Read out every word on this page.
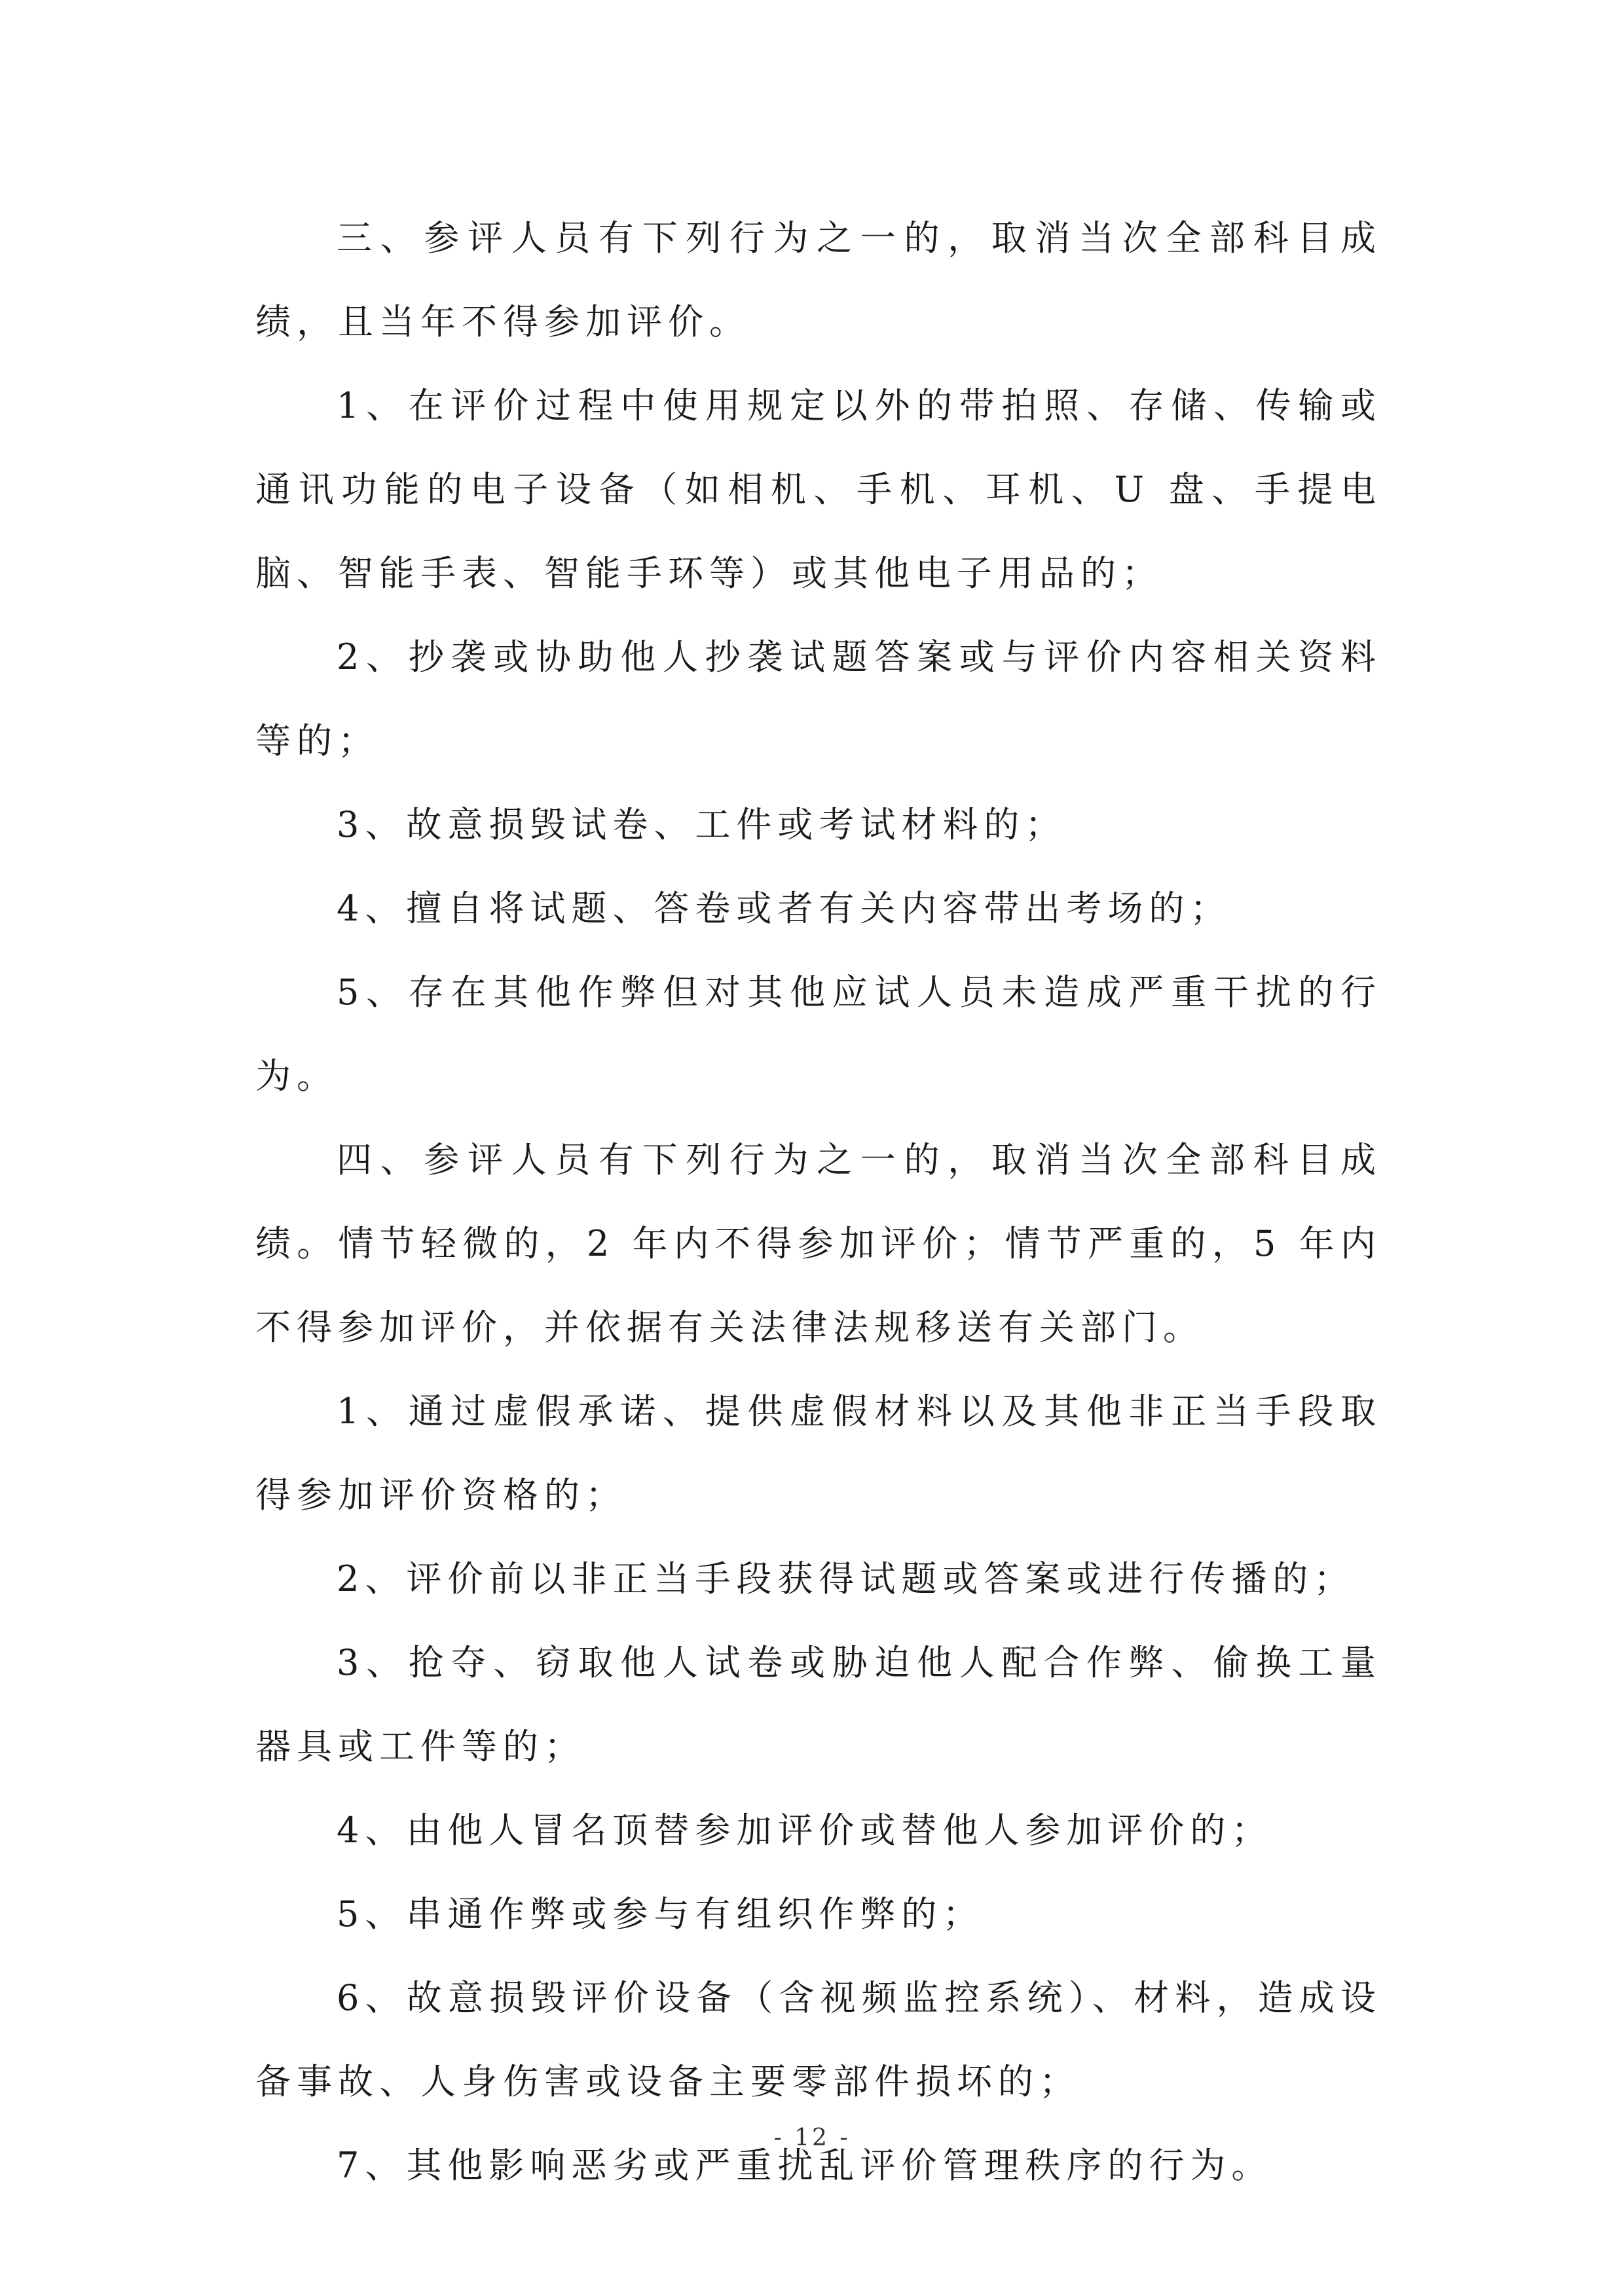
三、参评人员有下列行为之一的，取消当次全部科目成绩，且当年不得参加评价。

1、在评价过程中使用规定以外的带拍照、存储、传输或通讯功能的电子设备（如相机、手机、耳机、U 盘、手提电脑、智能手表、智能手环等）或其他电子用品的；

2、抄袭或协助他人抄袭试题答案或与评价内容相关资料等的；

3、故意损毁试卷、工件或考试材料的；

4、擅自将试题、答卷或者有关内容带出考场的；

5、存在其他作弊但对其他应试人员未造成严重干扰的行为。

四、参评人员有下列行为之一的，取消当次全部科目成绩。情节轻微的，2 年内不得参加评价；情节严重的，5 年内不得参加评价，并依据有关法律法规移送有关部门。

1、通过虚假承诺、提供虚假材料以及其他非正当手段取得参加评价资格的；

2、评价前以非正当手段获得试题或答案或进行传播的；

3、抢夺、窃取他人试卷或胁迫他人配合作弊、偷换工量器具或工件等的；

4、由他人冒名顶替参加评价或替他人参加评价的；

5、串通作弊或参与有组织作弊的；

6、故意损毁评价设备（含视频监控系统）、材料，造成设备事故、人身伤害或设备主要零部件损坏的；

7、其他影响恶劣或严重扰乱评价管理秩序的行为。

- 12 -
